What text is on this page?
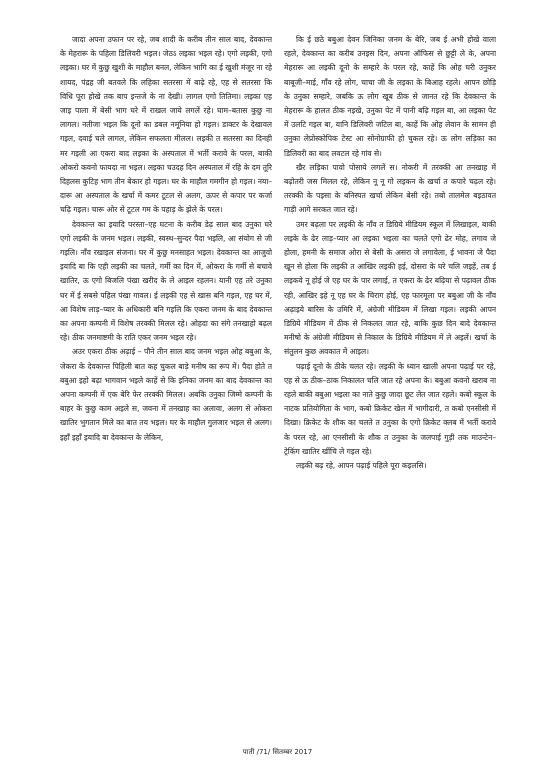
जादा अपना उफान पर रहे, जब शादी के करीब तीन साल बाद, देवकान्त के मेहरारू के पहिला डिलिवरी भइल। जेठऽ लइका भइल रहे। एगो लइकी, एगो लइका। घर में कुछु खुशी के माहौल बनल, लेकिन भागि का ई खुशी मंजूर ना रहे शायद, पंद्रह जी बतवले कि लहिका सतरसा में बाढ़े रहे, एह से सतरसा कि विधि पूरा होखे तक बाप इन्तजे के ना देखी। लागल एगो तितिमा। लइका एह जाइ पाला में बेसी भाग घरे में राखल जाये लगलें रहे। घाम–बतास कुछु ना लागल। नतीजा भइल कि दूनो का डबल नमूनिया हो गइल। डाक्टर के देखावल गइल, दवाई चले लागल, लेकिन सफलता मीलल। लइकी त सतरसा का दिनही मर गइली आ एकरा बाद लइका के अस्पताल में भर्ती करावे के परल, बाकी ओकरो कवनो फायदा ना भइल। लइका चउदह दिन अस्पताल में रहि के दम तूरि दिहलस कुटिह भाग तीन बेकार हो गइल। घर के माहौल गमगीन हो गइल। नया–दारू आ अस्पताल के खर्चा में कमर टूटल से अलग, ऊपर से कपार पर कर्जा चढ़ि गइल। चारू ओर से टूटल गम के पहाड़ के झेले के परल।

देवकान्त का इयादि परस्ता–एह घटना के करीब डेढ़ साल बाद उनुका घरे एगो लइकी के जनम भइल। लइकी, स्वस्थ–सुन्दर पैदा भइलि, आ संयोग से जी गइलि। नाँव रखाइल संजना। घर में कुछु मनसाहत भइल। देवकान्त का आजुवो इयादि बा कि एही लइकी का चलते, गर्मी का दिन में, ओकरा के गर्मी से बचावे खातिर, ऊ एगो बिजलि पंखा खरीद के ले आइल रहलन। यानी एह तरे उनुका घर में ई सबसे पहिल पंखा गावल। ई लइकी एह से खास बनि गइल, एह घर में, आ विशेष लाड़–प्यार के अधिकारी बनि गइलि कि एकरा जनम के बाद देवकान्त का अपना कम्पनी में विशेष तरक्की मिलल रहे। ओहदा का संगे तनखाहो बढ़ल रहे। ठीक जनमाष्टमी के राति एकर जनम भइल रहे।

अउर एकरा ठीक अढ़ाई – पौने तीन साल बाद जनम भइल ओह बबुआ के, जेकरा के देवकान्त पिहिली बात कह चुकल बाड़े मनीष का रूप में। पैदा होते त बबुआ इहो बढ़ा भागवान भइले काहें से कि इनिका जनम का बाद देवकान्त का अपना कम्पनी में एक बेरि फेर तरक्की मिलल। अबकि उनुका जिम्मे कम्पनी के बाहर के कुछु काम अइले स, जवना में तनखाह का अलावा, अलग से ओकरा खातिर भुगतान मिले का बात तय भइल। घर के माहौल गुलजार भइल से अलग। इहाँ इहाँ इयादि बा देवकान्त के लेकिन,

कि ई छठे बबुआ देवन जिनिका जनम के बेरि, जब ई अभी होखे वाला रहले, देवकान्त का करीब उनइस दिन, अपना ऑफिस से छुट्टी ले के, अपना मेहरारू आ लइकी दूनो के सम्हारे के परल रहे, काहें कि ओह घरी उनुकर बाबूजी–माई, गाँव रहे लोग, चाचा जी के लइका के बिआह रहले। आपन छोड़ि के उनुका सम्हारे, जबकि ऊ लोग खूब ठीक से जानत रहे कि देवकान्त के मेहरारू के हालत ठीक नइखे, उनुका पेट में पानी बढ़ि गइल बा, आ लइका पेट में उलटि गइल बा, यानि डिलिवरी जटिल बा, काहें कि ओह लेवान के सामन ही उनुका लेप्रोस्कोपिक टेस्ट आ सोनोग्राफी हो चुकल रहे। ऊ लोग लड़िका का डिलिवरी का बाद लवटल रहे गांव से।

खैर लड़िका पावो पोसाये लगलें स। नोकरी में तरक्की आ तनखाह में बढ़ोतरी जस मिलल रहे, लेकिन नू नू गो लइकन के खर्चा त कपारे चढ़ल रहे। तरक्की के पइसा के बनिस्पत खर्चा लेकिन बेसी रहे। तबो तालमेल बइठावत गाड़ी आगे सरकत जात रहे।

उमर बढ़ला पर लइकी के नाँव त डिग्रिये मीडियम स्कूल में लिखाइल, बाकी लइके के ढेर लाड़–प्यार आ लइका भइला का चलते एगो ढेर मोह, लगाव जे होला, हमनी के समाज ओरा से बेसी के असरा जे लगावेला, ई भावना जे पैदा खून से होला कि लइकी त आखिर लइकी हई, दोसरा के घरे चलि जइहें, तब ई लइकवे नू होई जे एह घर के पार लगाई, त एकरा के ढेर बढ़िया से पढ़ावल ठीक रही, आखिर इहे नू एह घर के चिराग होई, एह फारमूला पर बबुआ जी के नाँव अढ़ाइये बारिस के उमिरि में, अंग्रेजी मीडियम में लिखा गइल। लइकी आपन डिग्रिये मीडियम में ठीक से निकलत जात रहे, बाकि कुछ दिन बादे देवकान्त मनीषो के अंग्रेजी मीडियम से निकाल के डिग्रिये मीडियम में ले अइलें। खर्चा के संतुलन कुछ अवकात में आइल।

पढ़ाई दूनो के ठीके चलत रहे। लइकी के ध्यान खाली अपना पढ़ाई पर रहे, एह से ऊ ठीक–ठाक निकालत चलि जात रहे अपना के। बबुआ कवनो खराब ना रहले बाकी बबुआ भइला का नाते कुछु जादा छूट लेत जात रहले। कबो स्कूल के नाटक प्रतियोगिता के भाग, कबो क्रिकेट खेल में भागीदारी, त कबो एनसीसी में दिखा। क्रिकेट के शौक का चलते त उनुका के एगो क्रिकेट क्लब में भर्ती करावे के परल रहे, आ एनसीसी के शौक त उनुका के जलपाई गुड़ी तक माउन्टेन–ट्रेकिंग खातिर खींचि ले गइल रहे।

लइकी बढ़ रहे, आपन पढ़ाई पहिले पूरा कइलसि।

पाती /71/ सितम्बर 2017
